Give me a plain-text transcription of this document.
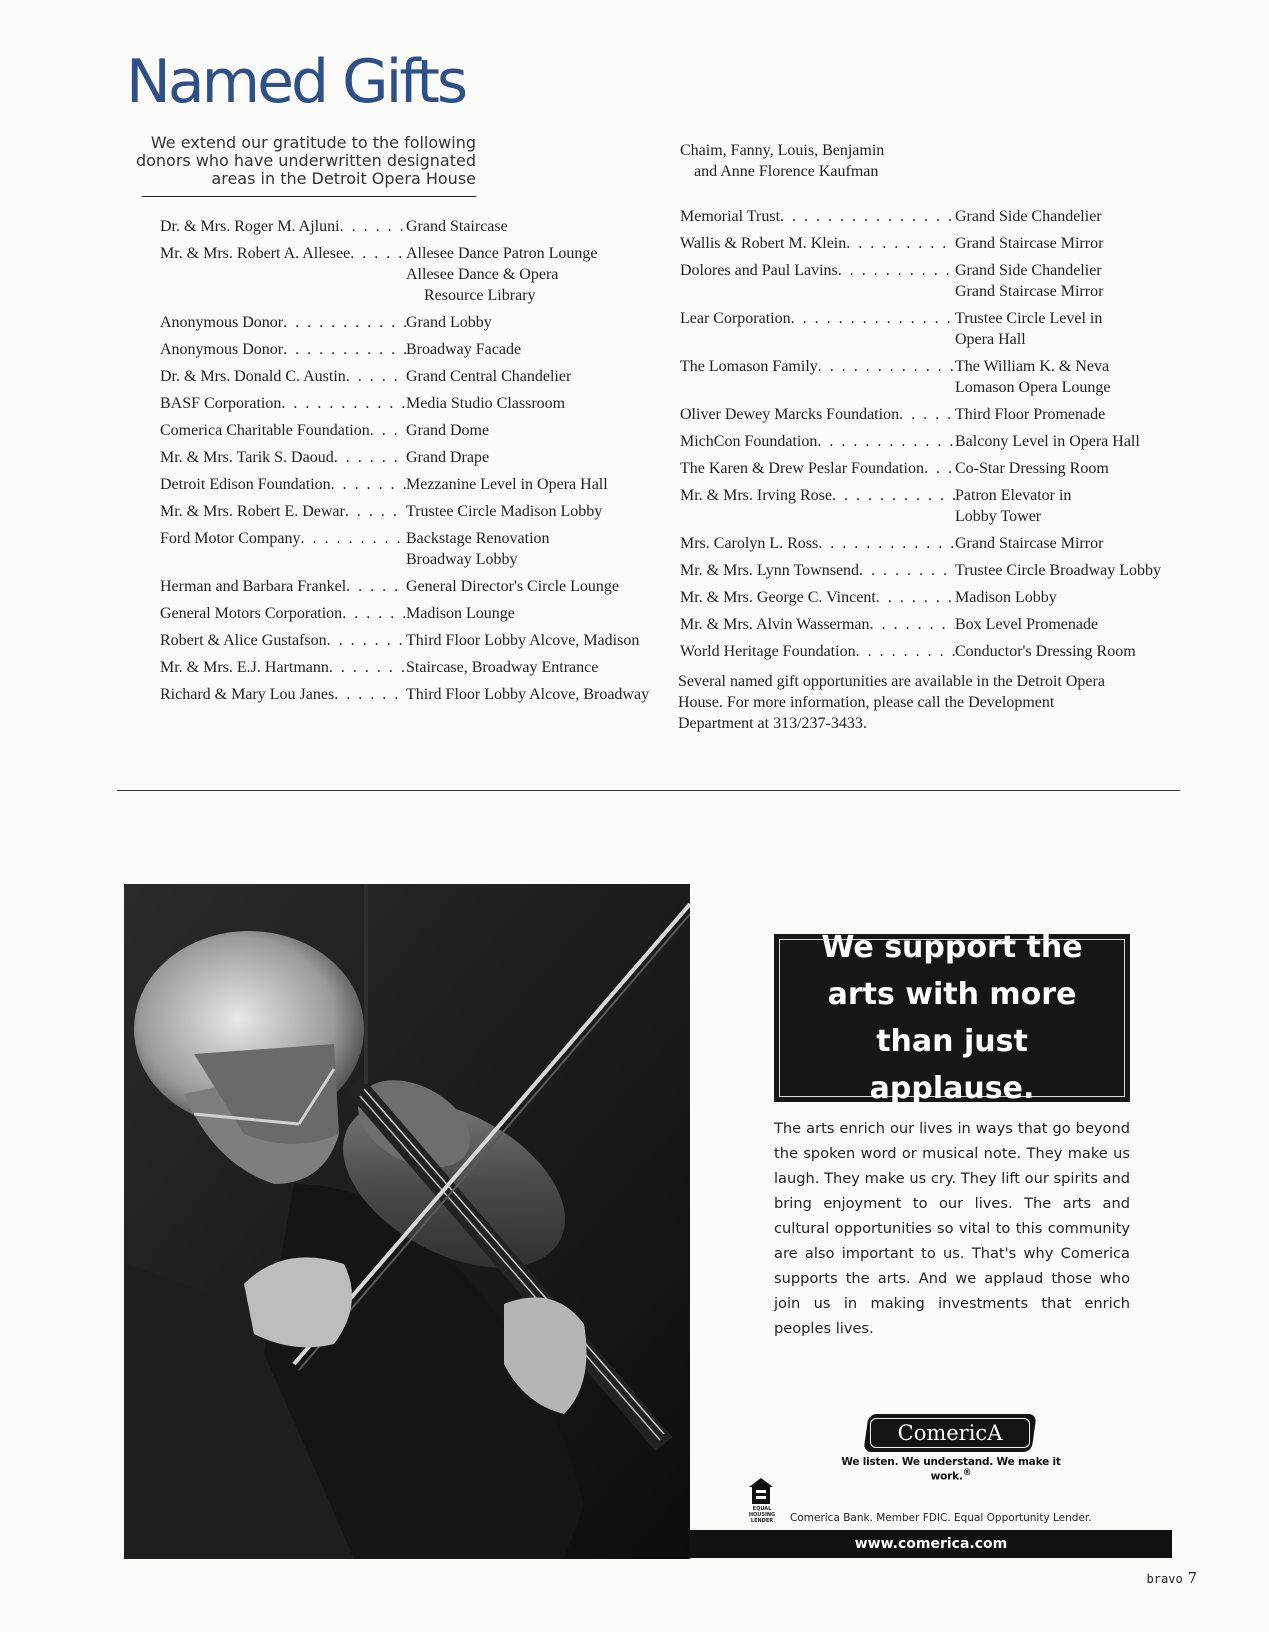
Named Gifts

We extend our gratitude to the following
donors who have underwritten designated
areas in the Detroit Opera House

Dr. & Mrs. Roger M. Ajluni . . .	Grand Staircase
Mr. & Mrs. Robert A. Allesee . . .	Allesee Dance Patron Lounge
Allesee Dance & Opera
Resource Library
Anonymous Donor . . .	Grand Lobby
Anonymous Donor . . .	Broadway Facade
Dr. & Mrs. Donald C. Austin . . .	Grand Central Chandelier
BASF Corporation . . .	Media Studio Classroom
Comerica Charitable Foundation . . . Grand Dome
Mr. & Mrs. Tarik S. Daoud . . .	Grand Drape
Detroit Edison Foundation . . .	Mezzanine Level in Opera Hall
Mr. & Mrs. Robert E. Dewar . . .	Trustee Circle Madison Lobby
Ford Motor Company . . .	Backstage Renovation
Broadway Lobby
Herman and Barbara Frankel . . .	General Director's Circle Lounge
General Motors Corporation . . .	Madison Lounge
Robert & Alice Gustafson . . .	Third Floor Lobby Alcove, Madison
Mr. & Mrs. E.J. Hartmann . . .	Staircase, Broadway Entrance
Richard & Mary Lou Janes . . .	Third Floor Lobby Alcove, Broadway

Chaim, Fanny, Louis, Benjamin
and Anne Florence Kaufman

Memorial Trust . . .	Grand Side Chandelier
Wallis & Robert M. Klein . . .	Grand Staircase Mirror
Dolores and Paul Lavins . . .	Grand Side Chandelier
Grand Staircase Mirror
Lear Corporation . . .	Trustee Circle Level in
Opera Hall
The Lomason Family . . .	The William K. & Neva
Lomason Opera Lounge
Oliver Dewey Marcks Foundation . . .	Third Floor Promenade
MichCon Foundation . . .	Balcony Level in Opera Hall
The Karen & Drew Peslar Foundation . . . Co-Star Dressing Room
Mr. & Mrs. Irving Rose . . .	Patron Elevator in
Lobby Tower
Mrs. Carolyn L. Ross . . .	Grand Staircase Mirror
Mr. & Mrs. Lynn Townsend . . .	Trustee Circle Broadway Lobby
Mr. & Mrs. George C. Vincent . . .	Madison Lobby
Mr. & Mrs. Alvin Wasserman . . .	Box Level Promenade
World Heritage Foundation . . .	Conductor's Dressing Room

Several named gift opportunities are available in the Detroit Opera House. For more information, please call the Development Department at 313/237-3433.

We support the arts with more than just applause.

The arts enrich our lives in ways that go beyond the spoken word or musical note. They make us laugh. They make us cry. They lift our spirits and bring enjoyment to our lives. The arts and cultural opportunities so vital to this community are also important to us. That's why Comerica supports the arts. And we applaud those who join us in making investments that enrich peoples lives.

ComericA

We listen. We understand. We make it work.®

EQUAL HOUSING LENDER	Comerica Bank. Member FDIC. Equal Opportunity Lender.

www.comerica.com

bravo 7
